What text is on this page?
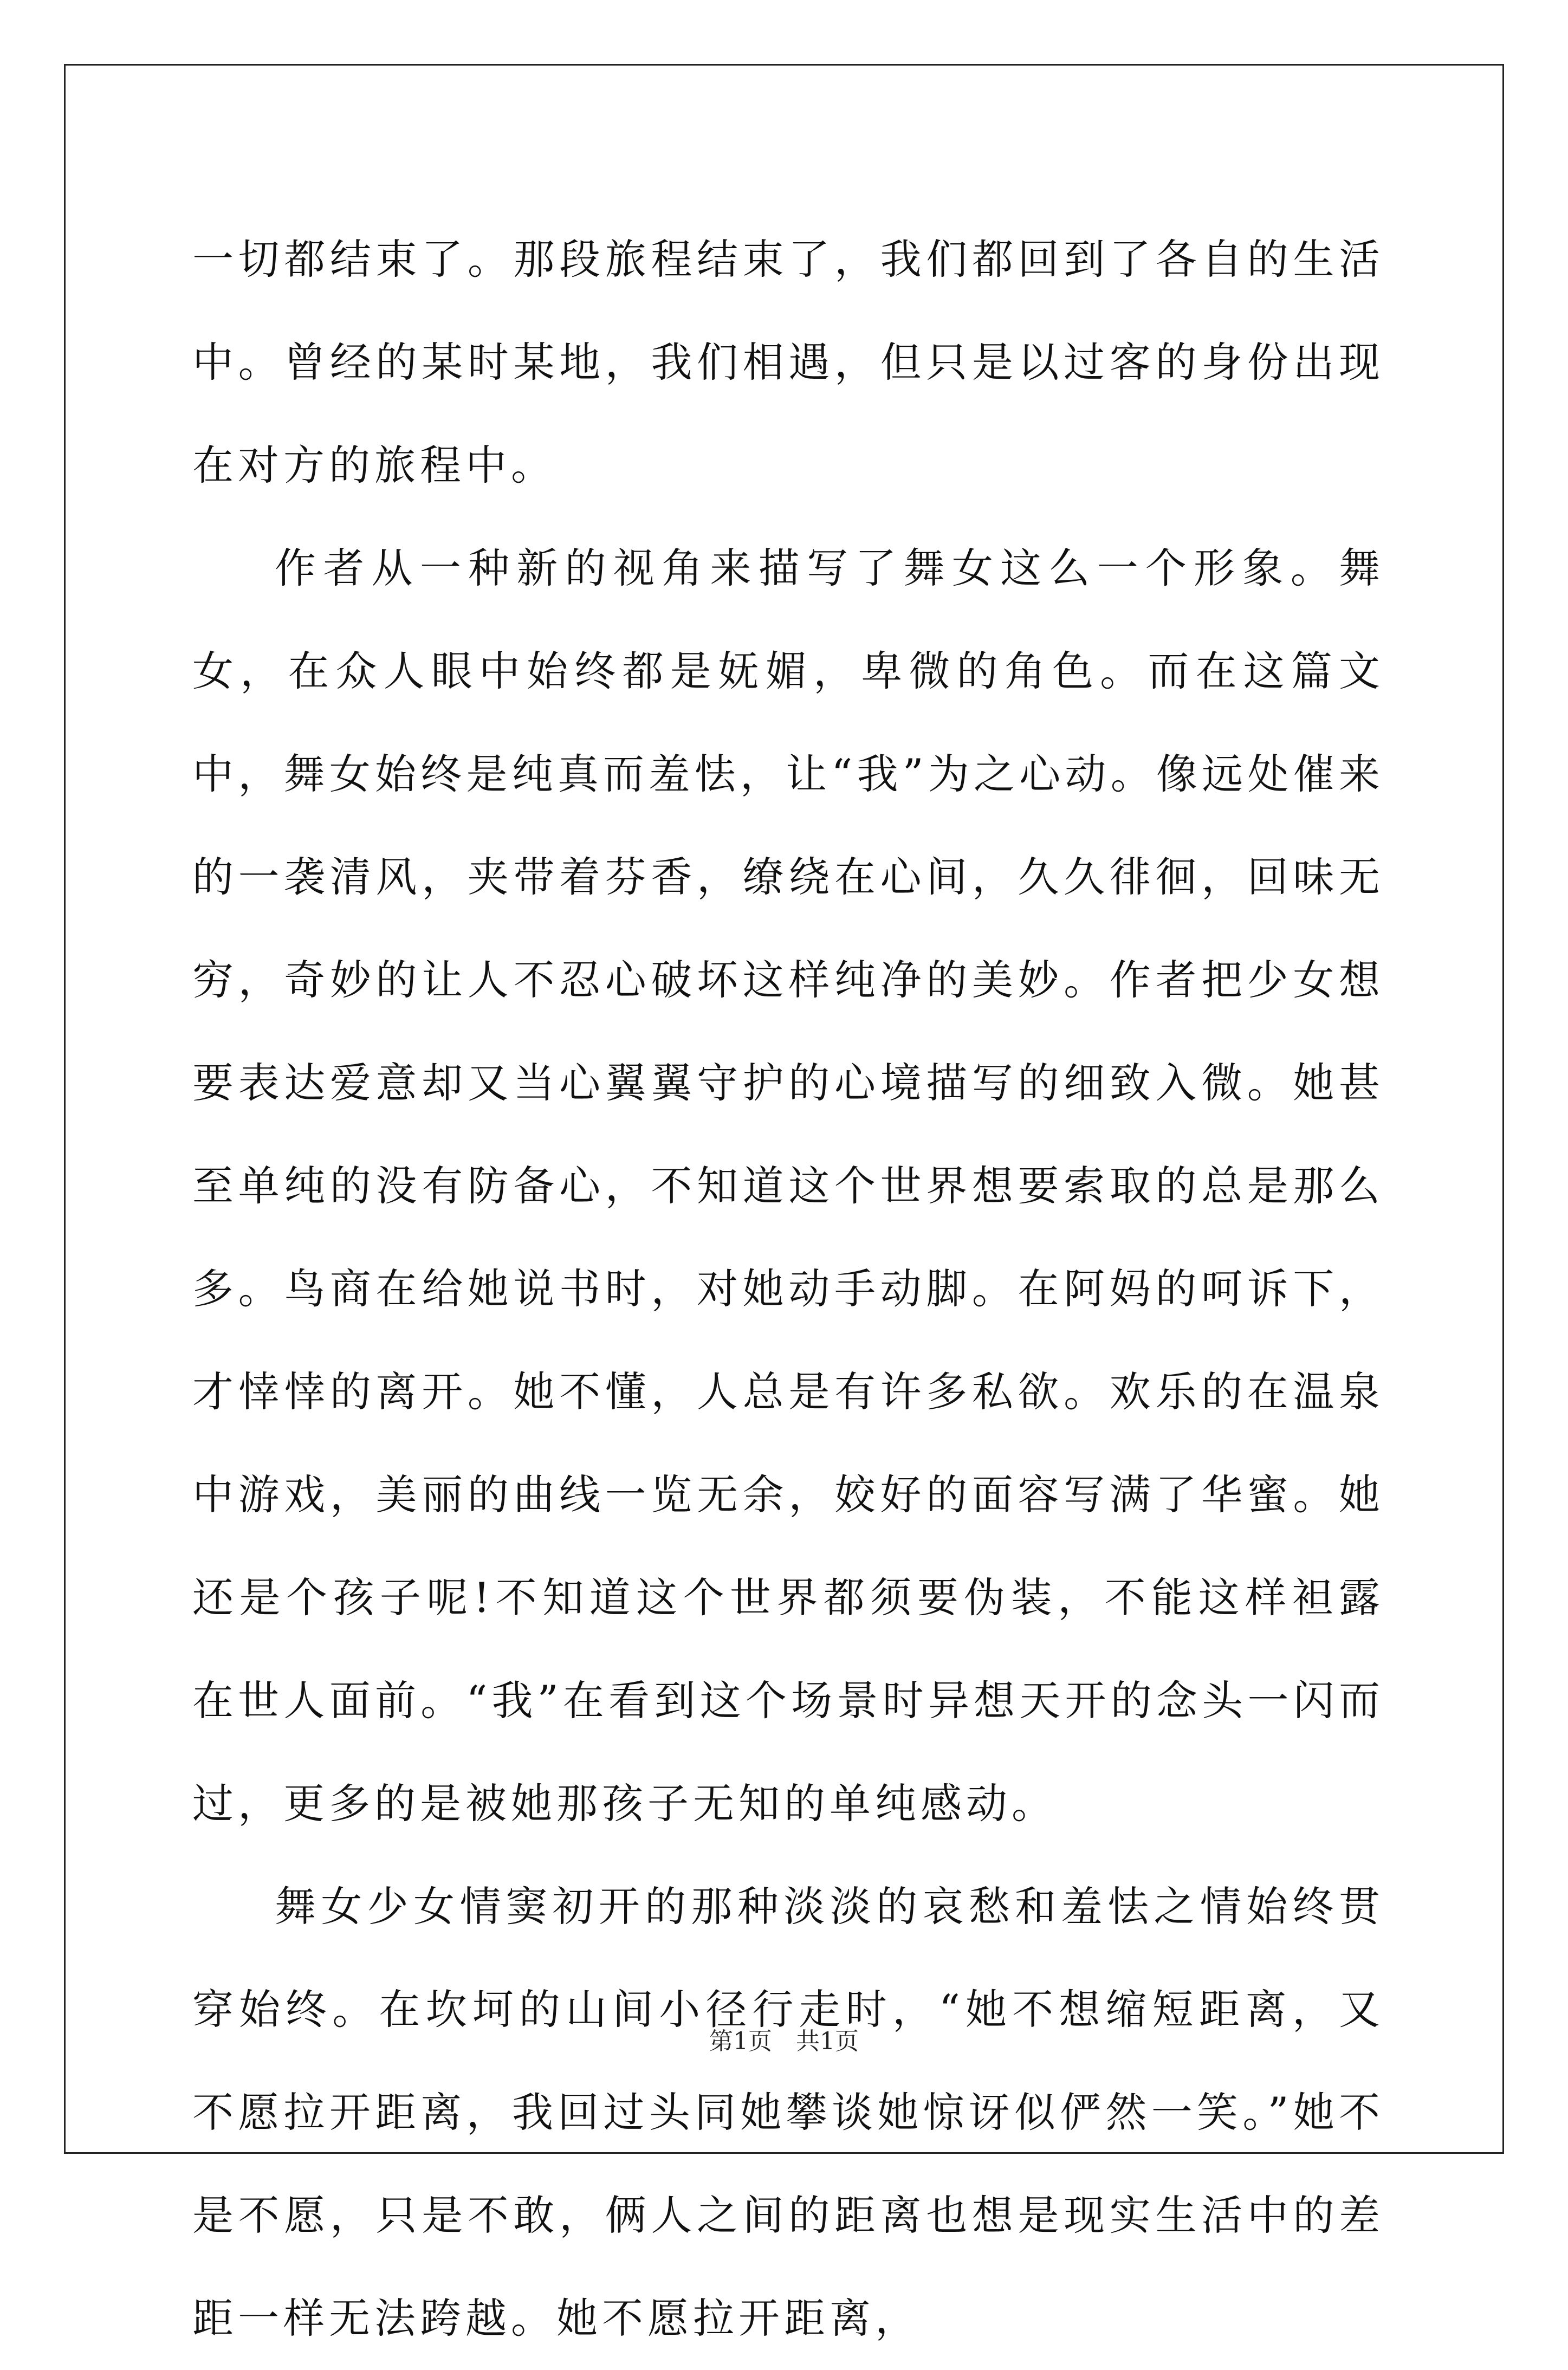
一切都结束了。那段旅程结束了，我们都回到了各自的生活中。曾经的某时某地，我们相遇，但只是以过客的身份出现在对方的旅程中。

作者从一种新的视角来描写了舞女这么一个形象。舞女，在众人眼中始终都是妩媚，卑微的角色。而在这篇文中，舞女始终是纯真而羞怯，让“我”为之心动。像远处催来的一袭清风，夹带着芬香，缭绕在心间，久久徘徊，回味无穷，奇妙的让人不忍心破坏这样纯净的美妙。作者把少女想要表达爱意却又当心翼翼守护的心境描写的细致入微。她甚至单纯的没有防备心，不知道这个世界想要索取的总是那么多。鸟商在给她说书时，对她动手动脚。在阿妈的呵诉下，才悻悻的离开。她不懂，人总是有许多私欲。欢乐的在温泉中游戏，美丽的曲线一览无余，姣好的面容写满了华蜜。她还是个孩子呢!不知道这个世界都须要伪装，不能这样袒露在世人面前。“我”在看到这个场景时异想天开的念头一闪而过，更多的是被她那孩子无知的单纯感动。

舞女少女情窦初开的那种淡淡的哀愁和羞怯之情始终贯穿始终。在坎坷的山间小径行走时，“她不想缩短距离，又不愿拉开距离，我回过头同她攀谈她惊讶似俨然一笑。”她不是不愿，只是不敢，俩人之间的距离也想是现实生活中的差距一样无法跨越。她不愿拉开距离，

第1页　共1页
